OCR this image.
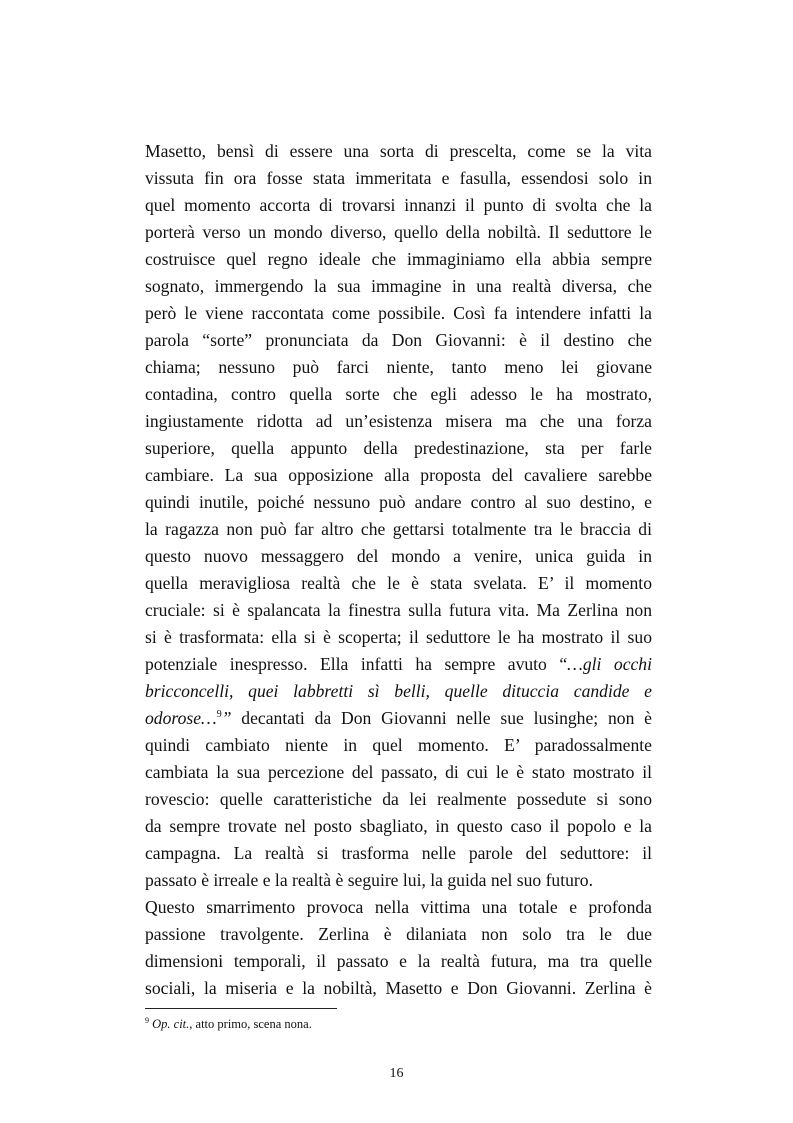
Masetto, bensì di essere una sorta di prescelta, come se la vita
vissuta fin ora fosse stata immeritata e fasulla, essendosi solo in
quel momento accorta di trovarsi innanzi il punto di svolta che la
porterà verso un mondo diverso, quello della nobiltà. Il seduttore le
costruisce quel regno ideale che immaginiamo ella abbia sempre
sognato, immergendo la sua immagine in una realtà diversa, che
però le viene raccontata come possibile. Così fa intendere infatti la
parola “sorte” pronunciata da Don Giovanni: è il destino che
chiama; nessuno può farci niente, tanto meno lei giovane
contadina, contro quella sorte che egli adesso le ha mostrato,
ingiustamente ridotta ad un’esistenza misera ma che una forza
superiore, quella appunto della predestinazione, sta per farle
cambiare. La sua opposizione alla proposta del cavaliere sarebbe
quindi inutile, poiché nessuno può andare contro al suo destino, e
la ragazza non può far altro che gettarsi totalmente tra le braccia di
questo nuovo messaggero del mondo a venire, unica guida in
quella meravigliosa realtà che le è stata svelata. E’ il momento
cruciale: si è spalancata la finestra sulla futura vita. Ma Zerlina non
si è trasformata: ella si è scoperta; il seduttore le ha mostrato il suo
potenziale inespresso. Ella infatti ha sempre avuto “…gli occhi
bricconcelli, quei labbretti sì belli, quelle dituccia candide e
odorose…$^9$” decantati da Don Giovanni nelle sue lusinghe; non è
quindi cambiato niente in quel momento. E’ paradossalmente
cambiata la sua percezione del passato, di cui le è stato mostrato il
rovescio: quelle caratteristiche da lei realmente possedute si sono
da sempre trovate nel posto sbagliato, in questo caso il popolo e la
campagna. La realtà si trasforma nelle parole del seduttore: il
passato è irreale e la realtà è seguire lui, la guida nel suo futuro.
Questo smarrimento provoca nella vittima una totale e profonda
passione travolgente. Zerlina è dilaniata non solo tra le due
dimensioni temporali, il passato e la realtà futura, ma tra quelle
sociali, la miseria e la nobiltà, Masetto e Don Giovanni. Zerlina è
$^9$ Op. cit., atto primo, scena nona.
16
